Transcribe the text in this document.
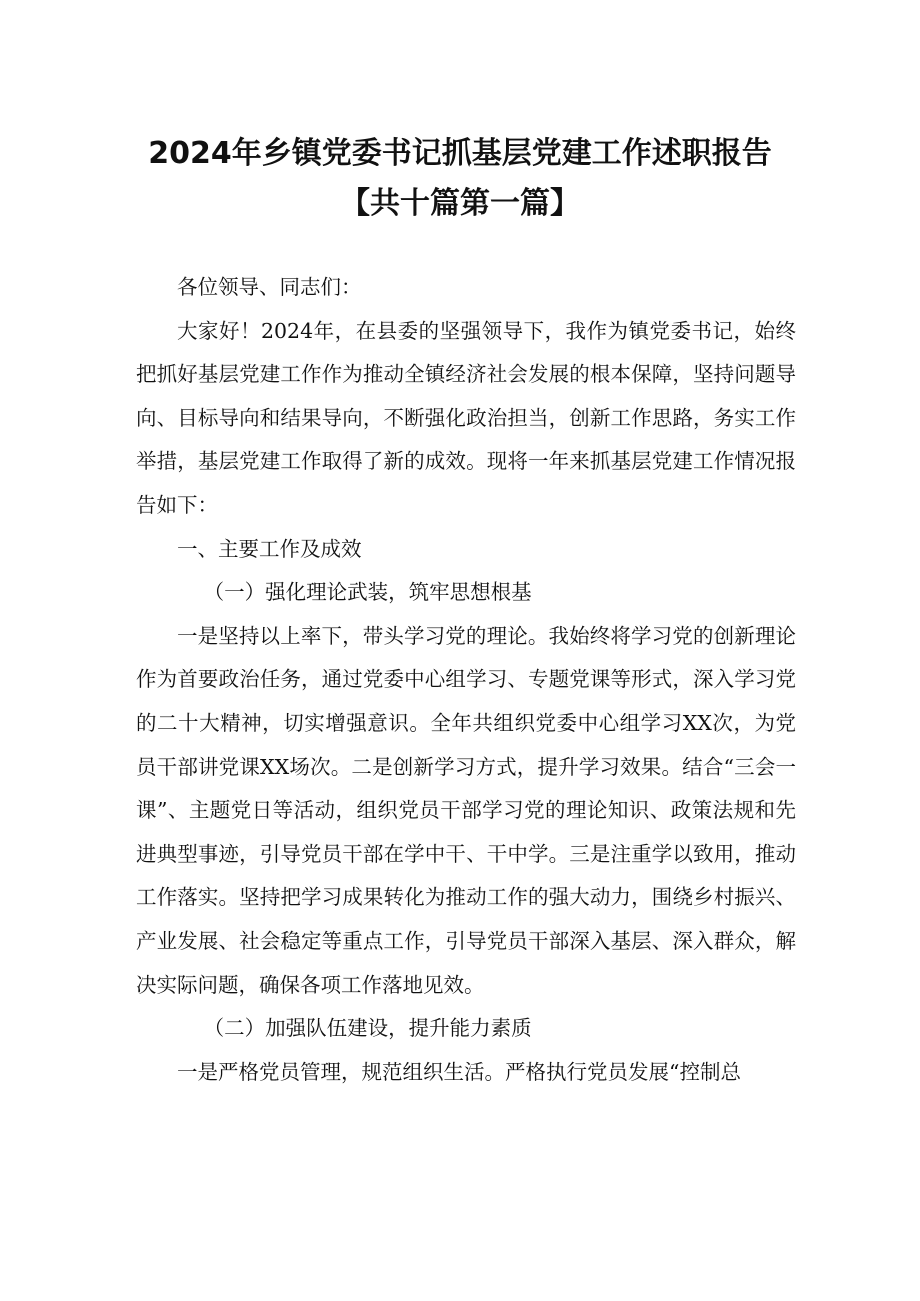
2024年乡镇党委书记抓基层党建工作述职报告
【共十篇第一篇】

各位领导、同志们：

大家好！2024年，在县委的坚强领导下，我作为镇党委书记，始终把抓好基层党建工作作为推动全镇经济社会发展的根本保障，坚持问题导向、目标导向和结果导向，不断强化政治担当，创新工作思路，务实工作举措，基层党建工作取得了新的成效。现将一年来抓基层党建工作情况报告如下：

一、主要工作及成效

（一）强化理论武装，筑牢思想根基

一是坚持以上率下，带头学习党的理论。我始终将学习党的创新理论作为首要政治任务，通过党委中心组学习、专题党课等形式，深入学习党的二十大精神，切实增强意识。全年共组织党委中心组学习XX次，为党员干部讲党课XX场次。二是创新学习方式，提升学习效果。结合“三会一课”、主题党日等活动，组织党员干部学习党的理论知识、政策法规和先进典型事迹，引导党员干部在学中干、干中学。三是注重学以致用，推动工作落实。坚持把学习成果转化为推动工作的强大动力，围绕乡村振兴、产业发展、社会稳定等重点工作，引导党员干部深入基层、深入群众，解决实际问题，确保各项工作落地见效。

（二）加强队伍建设，提升能力素质

一是严格党员管理，规范组织生活。严格执行党员发展“控制总
